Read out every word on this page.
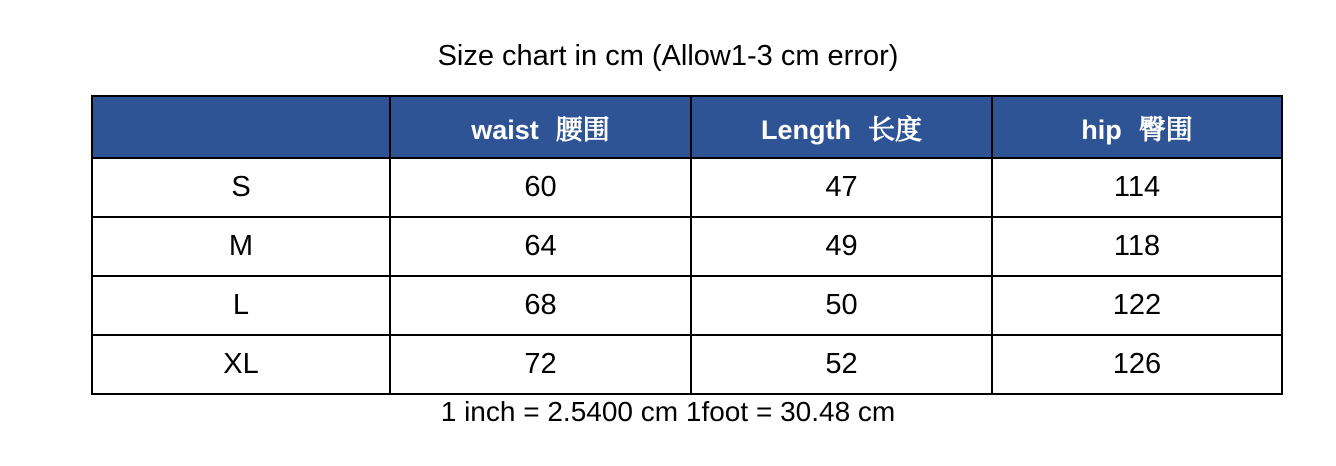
Size chart in cm (Allow1-3 cm error)
	waist 腰围	Length 长度	hip 臀围
S	60	47	114
M	64	49	118
L	68	50	122
XL	72	52	126
1 inch = 2.5400 cm 1foot = 30.48 cm
